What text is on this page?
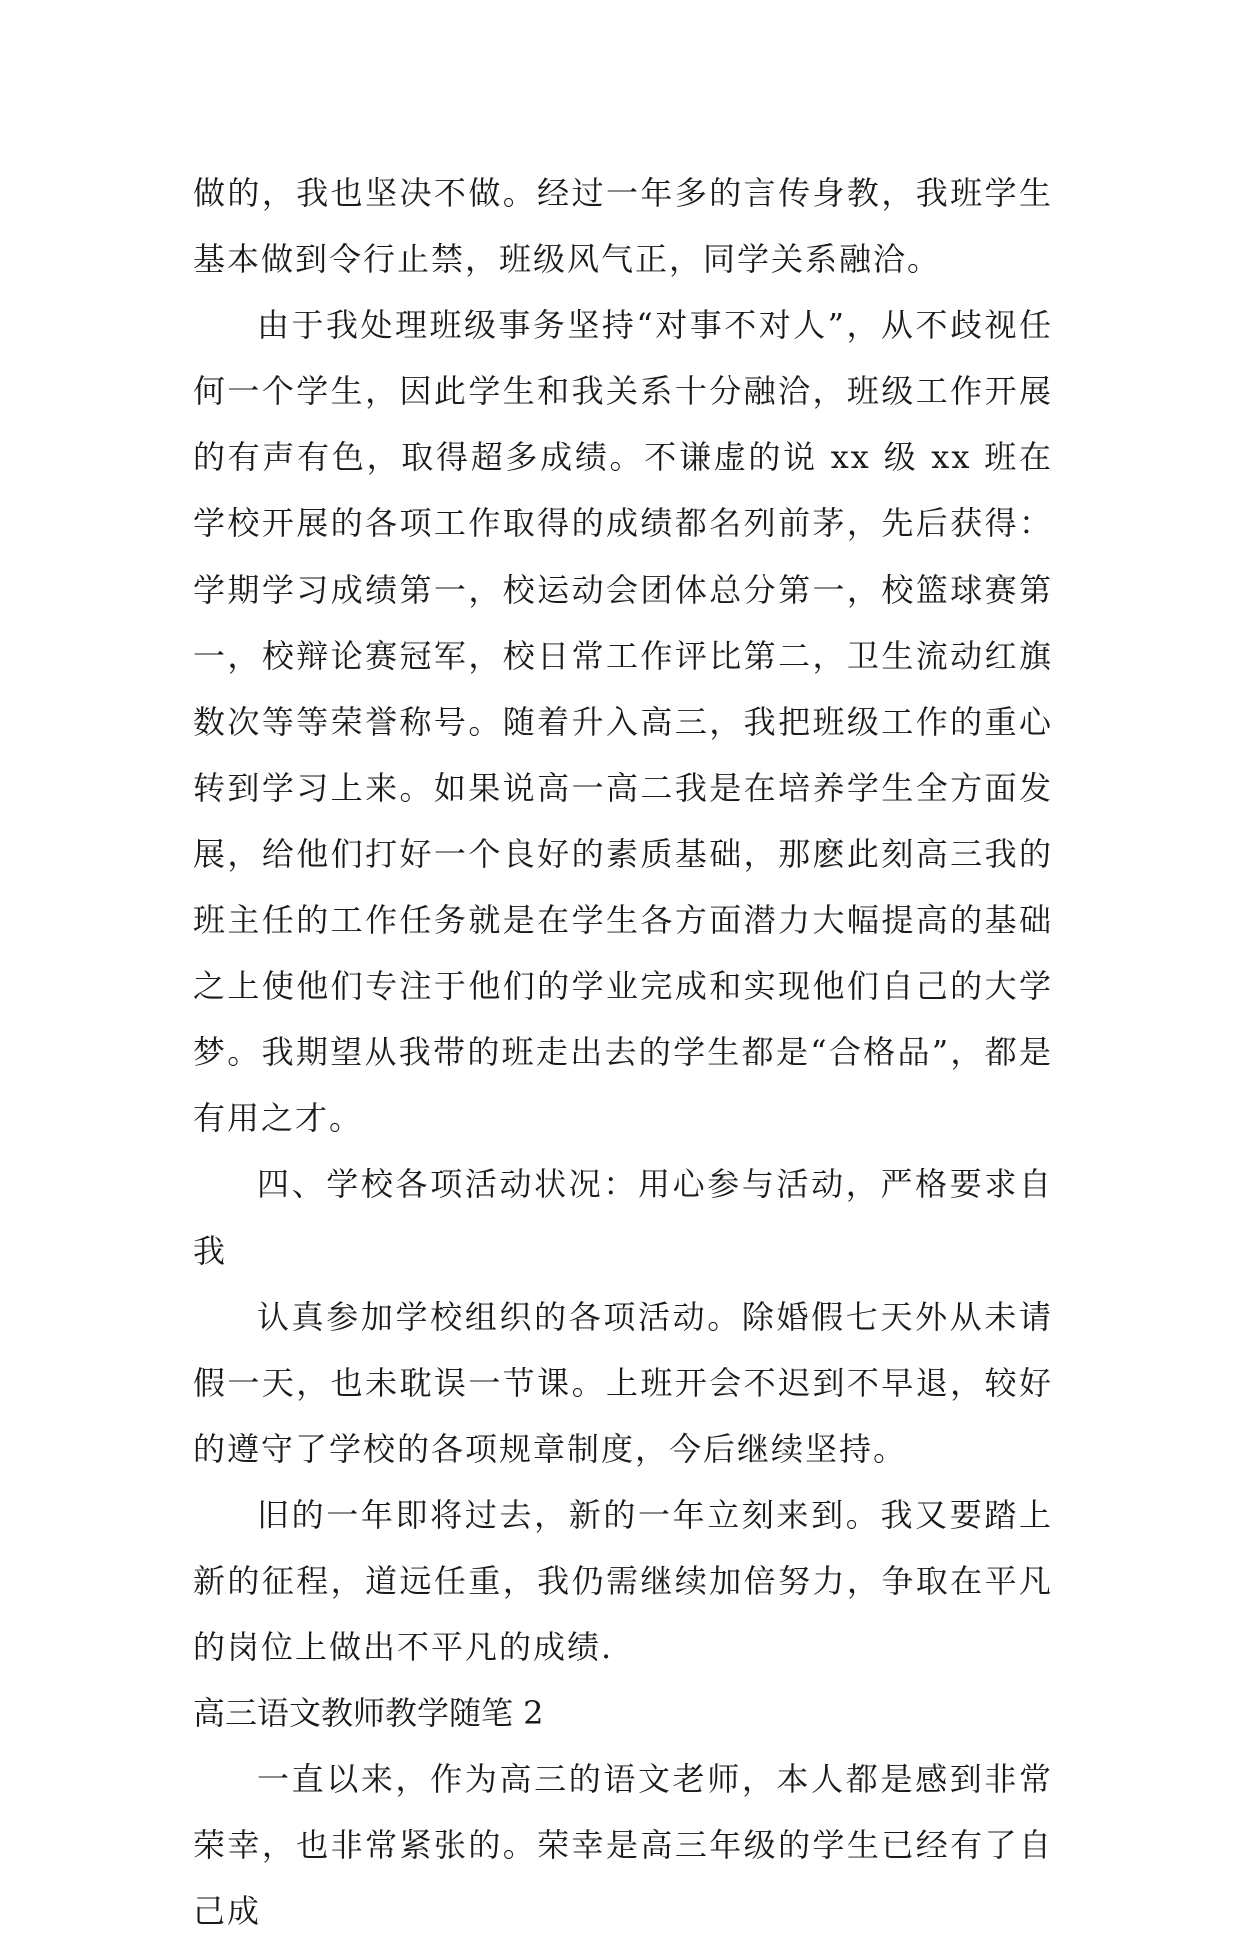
做的，我也坚决不做。经过一年多的言传身教，我班学生基本做到令行止禁，班级风气正，同学关系融洽。

由于我处理班级事务坚持“对事不对人”，从不歧视任何一个学生，因此学生和我关系十分融洽，班级工作开展的有声有色，取得超多成绩。不谦虚的说 xx 级 xx 班在学校开展的各项工作取得的成绩都名列前茅，先后获得：学期学习成绩第一，校运动会团体总分第一，校篮球赛第一，校辩论赛冠军，校日常工作评比第二，卫生流动红旗数次等等荣誉称号。随着升入高三，我把班级工作的重心转到学习上来。如果说高一高二我是在培养学生全方面发展，给他们打好一个良好的素质基础，那麽此刻高三我的班主任的工作任务就是在学生各方面潜力大幅提高的基础之上使他们专注于他们的学业完成和实现他们自己的大学梦。我期望从我带的班走出去的学生都是“合格品”，都是有用之才。

四、学校各项活动状况：用心参与活动，严格要求自我

认真参加学校组织的各项活动。除婚假七天外从未请假一天，也未耽误一节课。上班开会不迟到不早退，较好的遵守了学校的各项规章制度，今后继续坚持。

旧的一年即将过去，新的一年立刻来到。我又要踏上新的征程，道远任重，我仍需继续加倍努力，争取在平凡的岗位上做出不平凡的成绩.

高三语文教师教学随笔 2

一直以来，作为高三的语文老师，本人都是感到非常荣幸，也非常紧张的。荣幸是高三年级的学生已经有了自己成
